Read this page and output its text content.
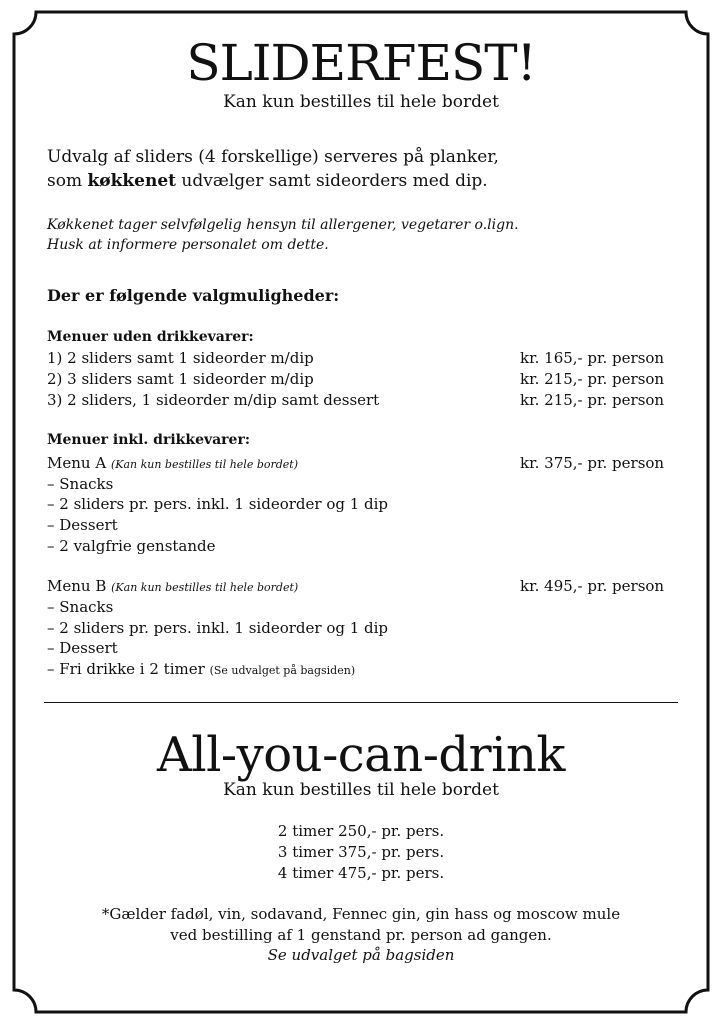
SLIDERFEST!
Kan kun bestilles til hele bordet
Udvalg af sliders (4 forskellige) serveres på planker,
som køkkenet udvælger samt sideorders med dip.
Køkkenet tager selvfølgelig hensyn til allergener, vegetarer o.lign.
Husk at informere personalet om dette.
Der er følgende valgmuligheder:
Menuer uden drikkevarer:
1) 2 sliders samt 1 sideorder m/dip	kr. 165,- pr. person
2) 3 sliders samt 1 sideorder m/dip	kr. 215,- pr. person
3) 2 sliders, 1 sideorder m/dip samt dessert	kr. 215,- pr. person
Menuer inkl. drikkevarer:
Menu A (Kan kun bestilles til hele bordet)	kr. 375,- pr. person
– Snacks
– 2 sliders pr. pers. inkl. 1 sideorder og 1 dip
– Dessert
– 2 valgfrie genstande
Menu B (Kan kun bestilles til hele bordet)	kr. 495,- pr. person
– Snacks
– 2 sliders pr. pers. inkl. 1 sideorder og 1 dip
– Dessert
– Fri drikke i 2 timer (Se udvalget på bagsiden)
All-you-can-drink
Kan kun bestilles til hele bordet
2 timer 250,- pr. pers.
3 timer 375,- pr. pers.
4 timer 475,- pr. pers.
*Gælder fadøl, vin, sodavand, Fennec gin, gin hass og moscow mule
ved bestilling af 1 genstand pr. person ad gangen.
Se udvalget på bagsiden
